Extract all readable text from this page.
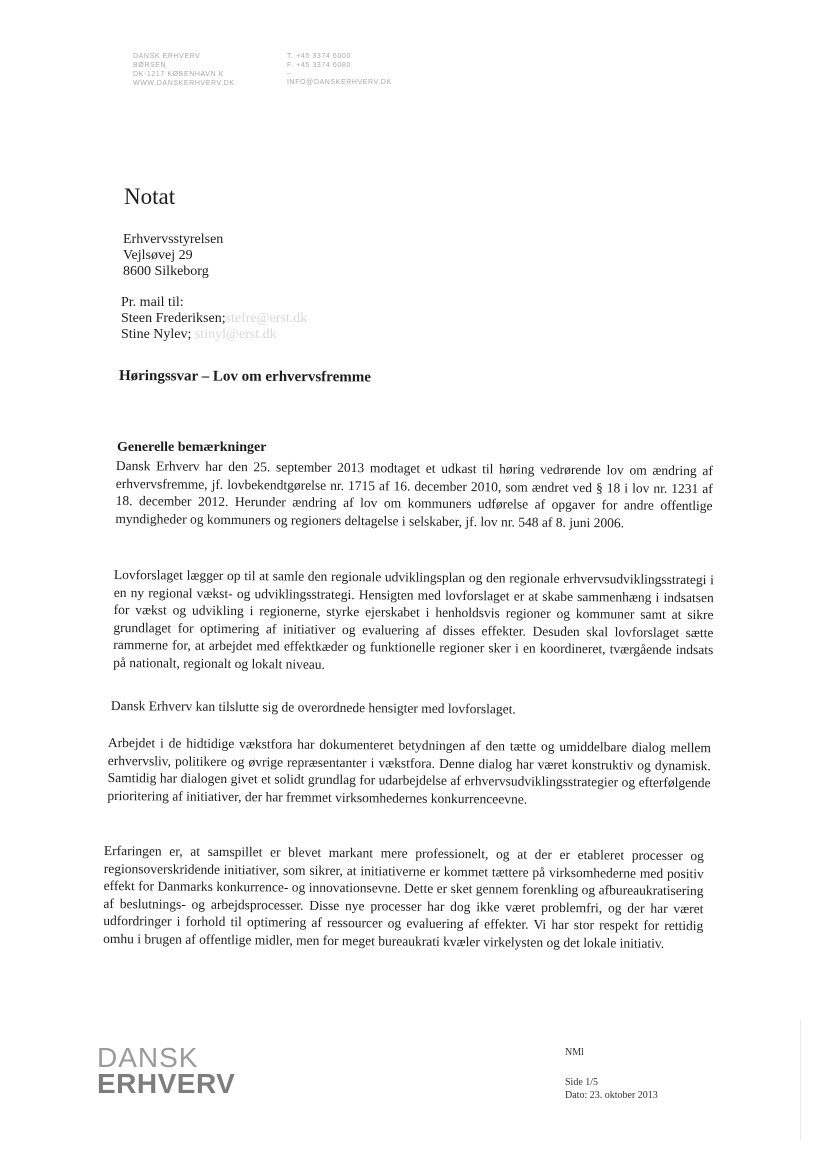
DANSK ERHVERV
BØRSEN
DK-1217 KØBENHAVN K
WWW.DANSKERHVERV.DK
T. +45 3374 6000
F. +45 3374 6080
–
INFO@DANSKERHVERV.DK
Notat
Erhvervsstyrelsen
Vejlsøvej 29
8600 Silkeborg
Pr. mail til:
Steen Frederiksen;stefre@erst.dk
Stine Nylev; stinyl@erst.dk
Høringssvar – Lov om erhvervsfremme
Generelle bemærkninger
Dansk Erhverv har den 25. september 2013 modtaget et udkast til høring vedrørende lov om ændring af erhvervsfremme, jf. lovbekendtgørelse nr. 1715 af 16. december 2010, som ændret ved § 18 i lov nr. 1231 af 18. december 2012. Herunder ændring af lov om kommuners udførelse af opgaver for andre offentlige myndigheder og kommuners og regioners deltagelse i selskaber, jf. lov nr. 548 af 8. juni 2006.
Lovforslaget lægger op til at samle den regionale udviklingsplan og den regionale erhvervsudviklingsstrategi i en ny regional vækst- og udviklingsstrategi. Hensigten med lovforslaget er at skabe sammenhæng i indsatsen for vækst og udvikling i regionerne, styrke ejerskabet i henholdsvis regioner og kommuner samt at sikre grundlaget for optimering af initiativer og evaluering af disses effekter. Desuden skal lovforslaget sætte rammerne for, at arbejdet med effektkæder og funktionelle regioner sker i en koordineret, tværgående indsats på nationalt, regionalt og lokalt niveau.
Dansk Erhverv kan tilslutte sig de overordnede hensigter med lovforslaget.
Arbejdet i de hidtidige vækstfora har dokumenteret betydningen af den tætte og umiddelbare dialog mellem erhvervsliv, politikere og øvrige repræsentanter i vækstfora. Denne dialog har været konstruktiv og dynamisk. Samtidig har dialogen givet et solidt grundlag for udarbejdelse af erhvervsudviklingsstrategier og efterfølgende prioritering af initiativer, der har fremmet virksomhedernes konkurrenceevne.
Erfaringen er, at samspillet er blevet markant mere professionelt, og at der er etableret processer og regionsoverskridende initiativer, som sikrer, at initiativerne er kommet tættere på virksomhederne med positiv effekt for Danmarks konkurrence- og innovationsevne. Dette er sket gennem forenkling og afbureaukratisering af beslutnings- og arbejdsprocesser. Disse nye processer har dog ikke været problemfri, og der har været udfordringer i forhold til optimering af ressourcer og evaluering af effekter. Vi har stor respekt for rettidig omhu i brugen af offentlige midler, men for meget bureaukrati kvæler virkelysten og det lokale initiativ.
DANSK
ERHVERV
NMl
Side 1/5
Dato: 23. oktober 2013
